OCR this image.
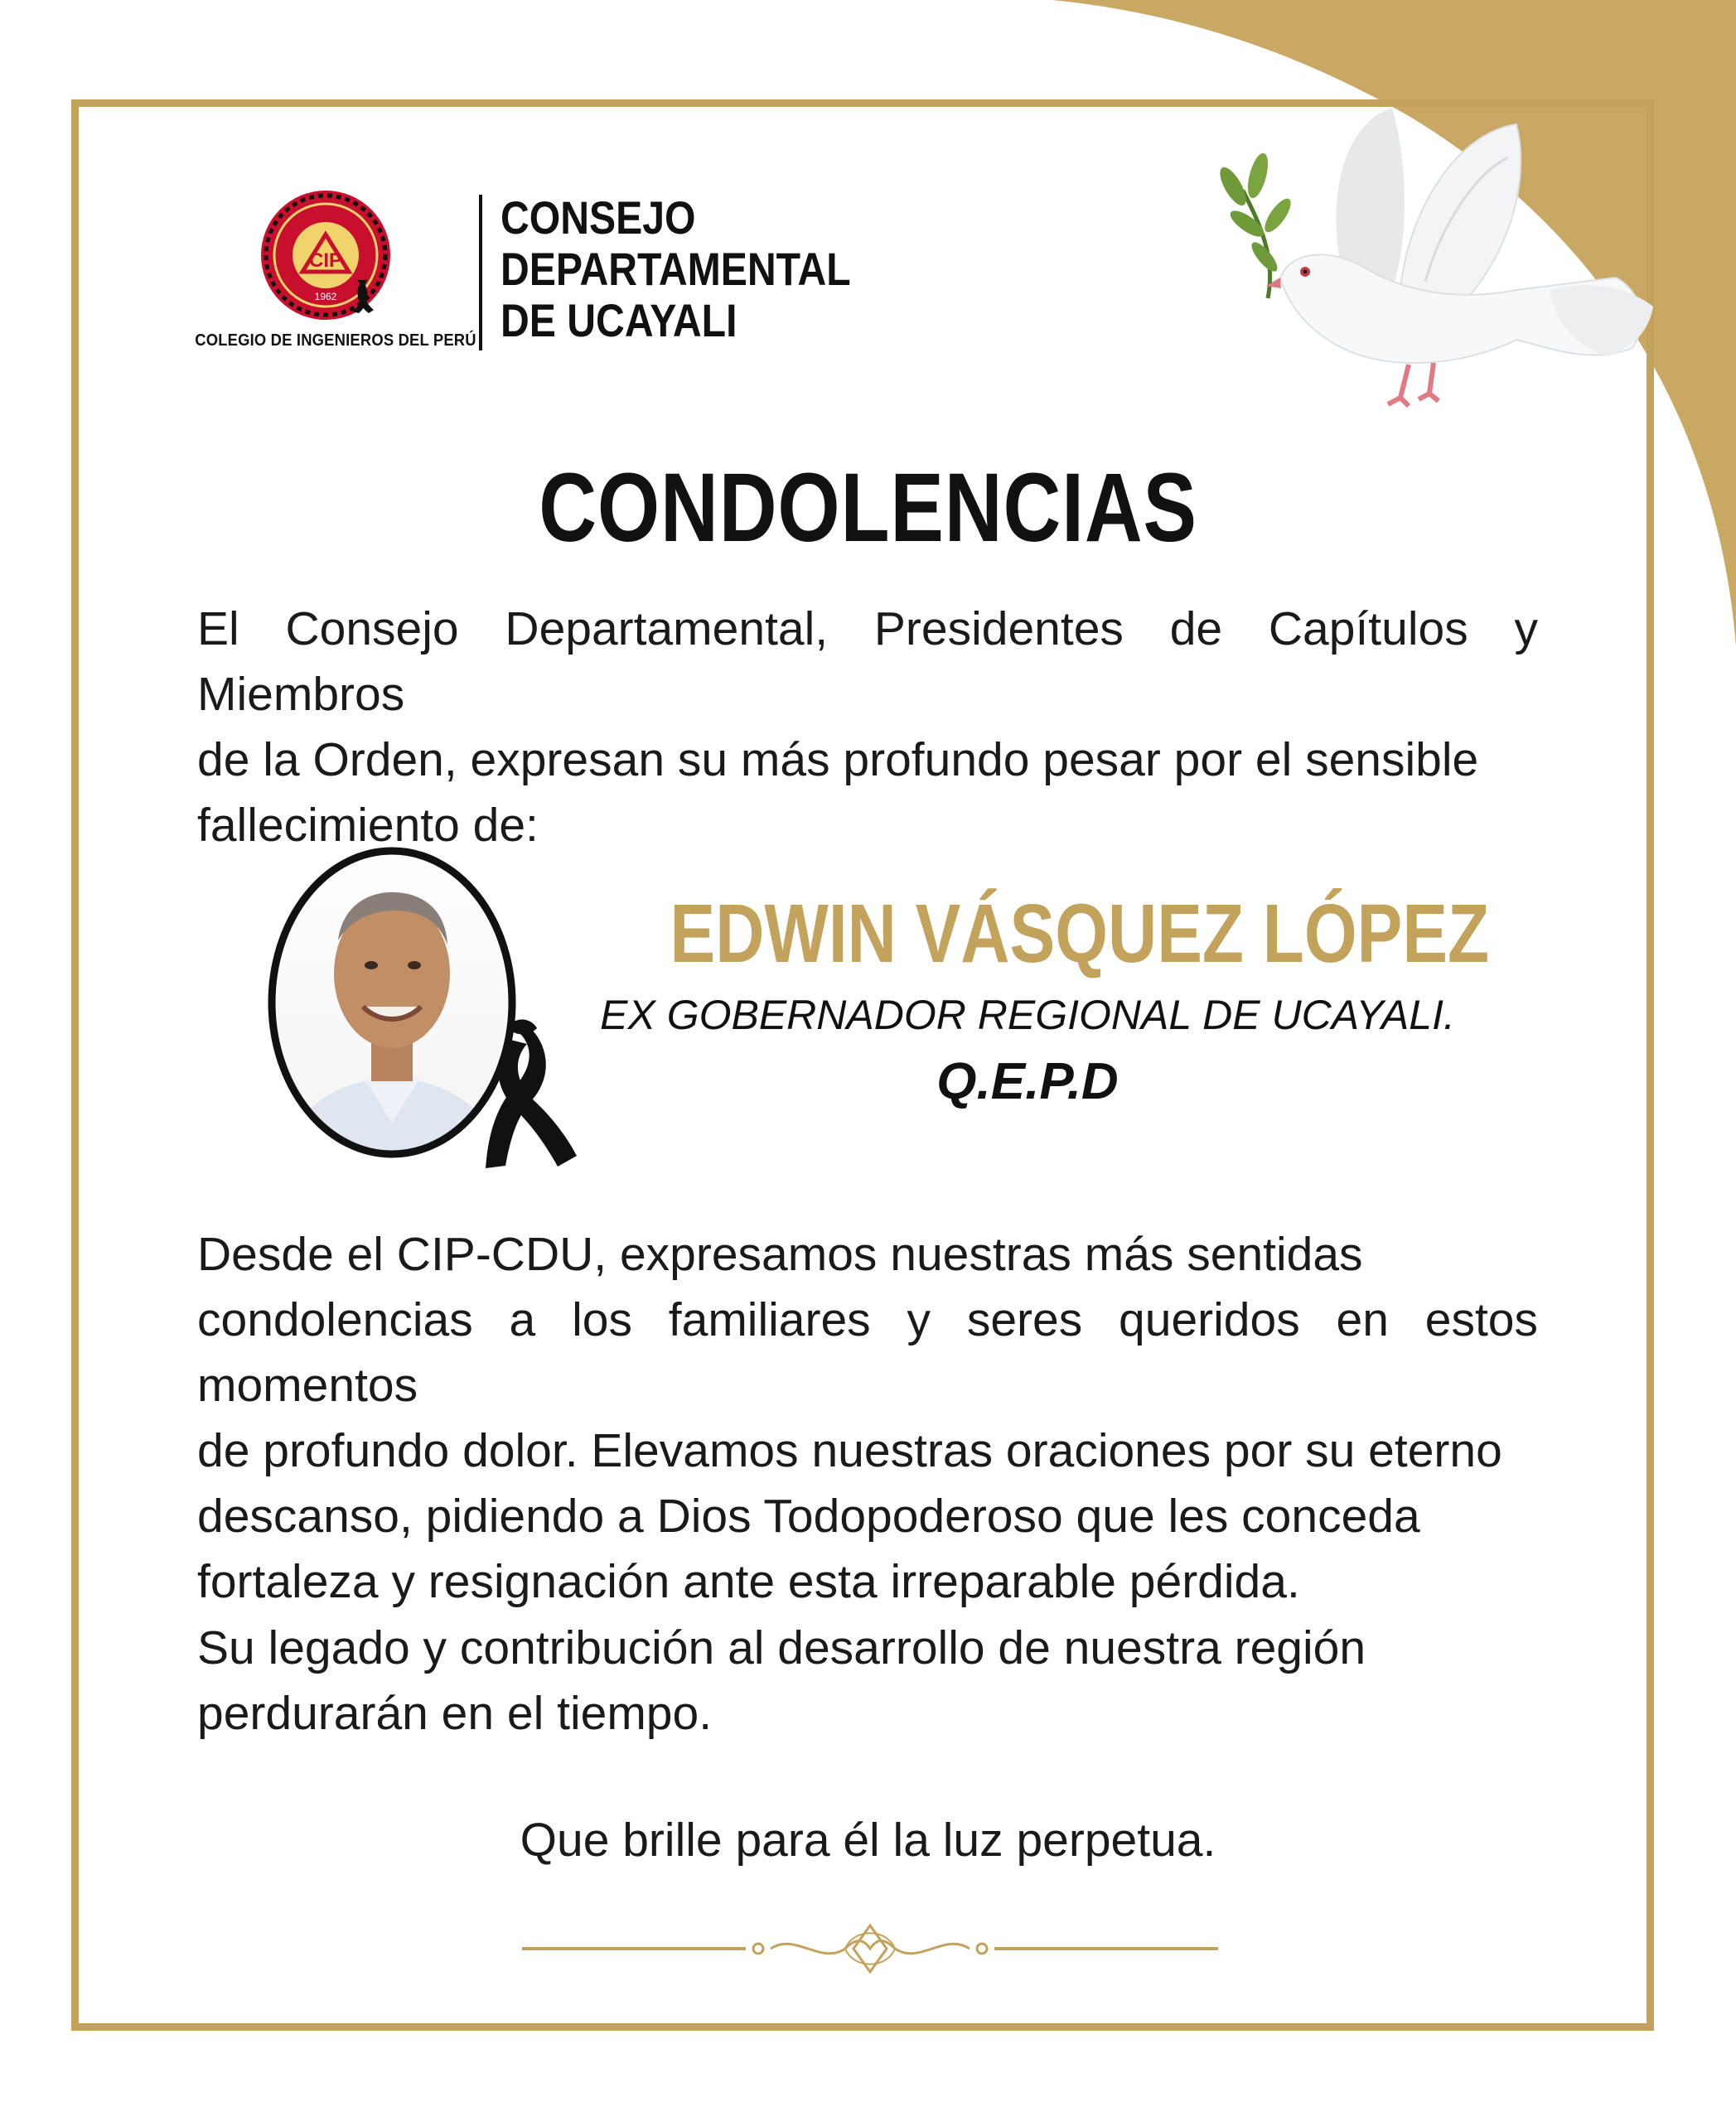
CIP
1962
COLEGIO DE INGENIEROS DEL PERÚ
CONSEJO
DEPARTAMENTAL
DE UCAYALI
CONDOLENCIAS
El Consejo Departamental, Presidentes de Capítulos y Miembros
de la Orden, expresan su más profundo pesar por el sensible
fallecimiento de:
EDWIN VÁSQUEZ LÓPEZ
EX GOBERNADOR REGIONAL DE UCAYALI.
Q.E.P.D
Desde el CIP-CDU, expresamos nuestras más sentidas
condolencias a los familiares y seres queridos en estos momentos
de profundo dolor. Elevamos nuestras oraciones por su eterno
descanso, pidiendo a Dios Todopoderoso que les conceda
fortaleza y resignación ante esta irreparable pérdida.
Su legado y contribución al desarrollo de nuestra región
perdurarán en el tiempo.
Que brille para él la luz perpetua.
